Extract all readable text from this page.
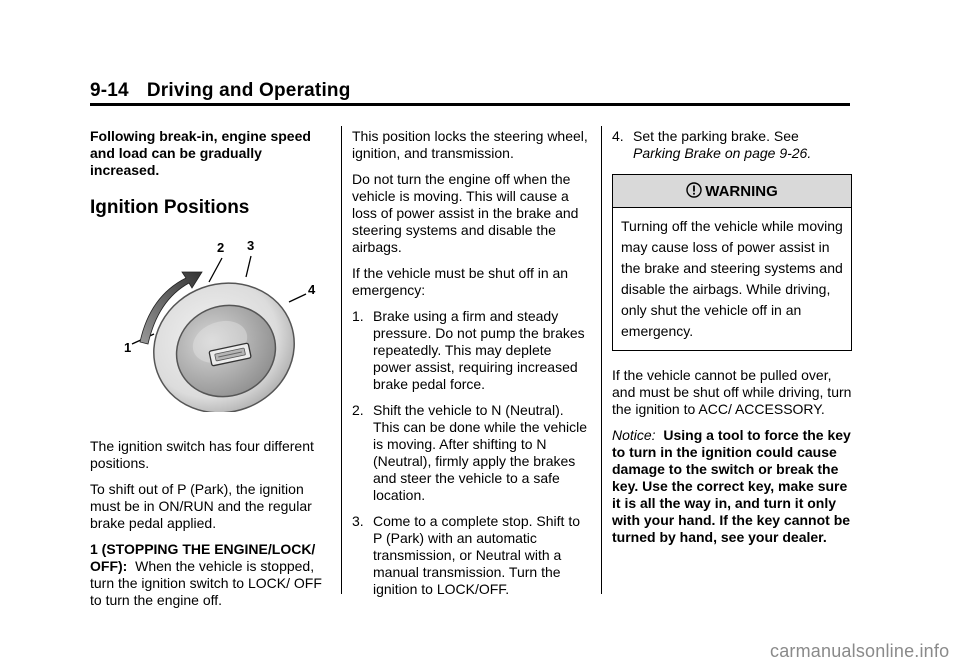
9-14 Driving and Operating

Following break-in, engine speed and load can be gradually increased.

Ignition Positions
1
2 3
4

The ignition switch has four different positions.

To shift out of P (Park), the ignition must be in ON/RUN and the regular brake pedal applied.

1 (STOPPING THE ENGINE/LOCK/ OFF): When the vehicle is stopped, turn the ignition switch to LOCK/ OFF to turn the engine off.

This position locks the steering wheel, ignition, and transmission.

Do not turn the engine off when the vehicle is moving. This will cause a loss of power assist in the brake and steering systems and disable the airbags.

If the vehicle must be shut off in an emergency:

1. Brake using a firm and steady pressure. Do not pump the brakes repeatedly. This may deplete power assist, requiring increased brake pedal force.
2. Shift the vehicle to N (Neutral). This can be done while the vehicle is moving. After shifting to N (Neutral), firmly apply the brakes and steer the vehicle to a safe location.
3. Come to a complete stop. Shift to P (Park) with an automatic transmission, or Neutral with a manual transmission. Turn the ignition to LOCK/OFF.
4. Set the parking brake. See
Parking Brake on page 9-26.
WARNING
Turning off the vehicle while moving may cause loss of power assist in the brake and steering systems and disable the airbags. While driving, only shut the vehicle off in an emergency.

If the vehicle cannot be pulled over, and must be shut off while driving, turn the ignition to ACC/ ACCESSORY.

Notice: Using a tool to force the key to turn in the ignition could cause damage to the switch or break the key. Use the correct key, make sure it is all the way in, and turn it only with your hand. If the key cannot be turned by hand, see your dealer.

carmanualsonline.info
